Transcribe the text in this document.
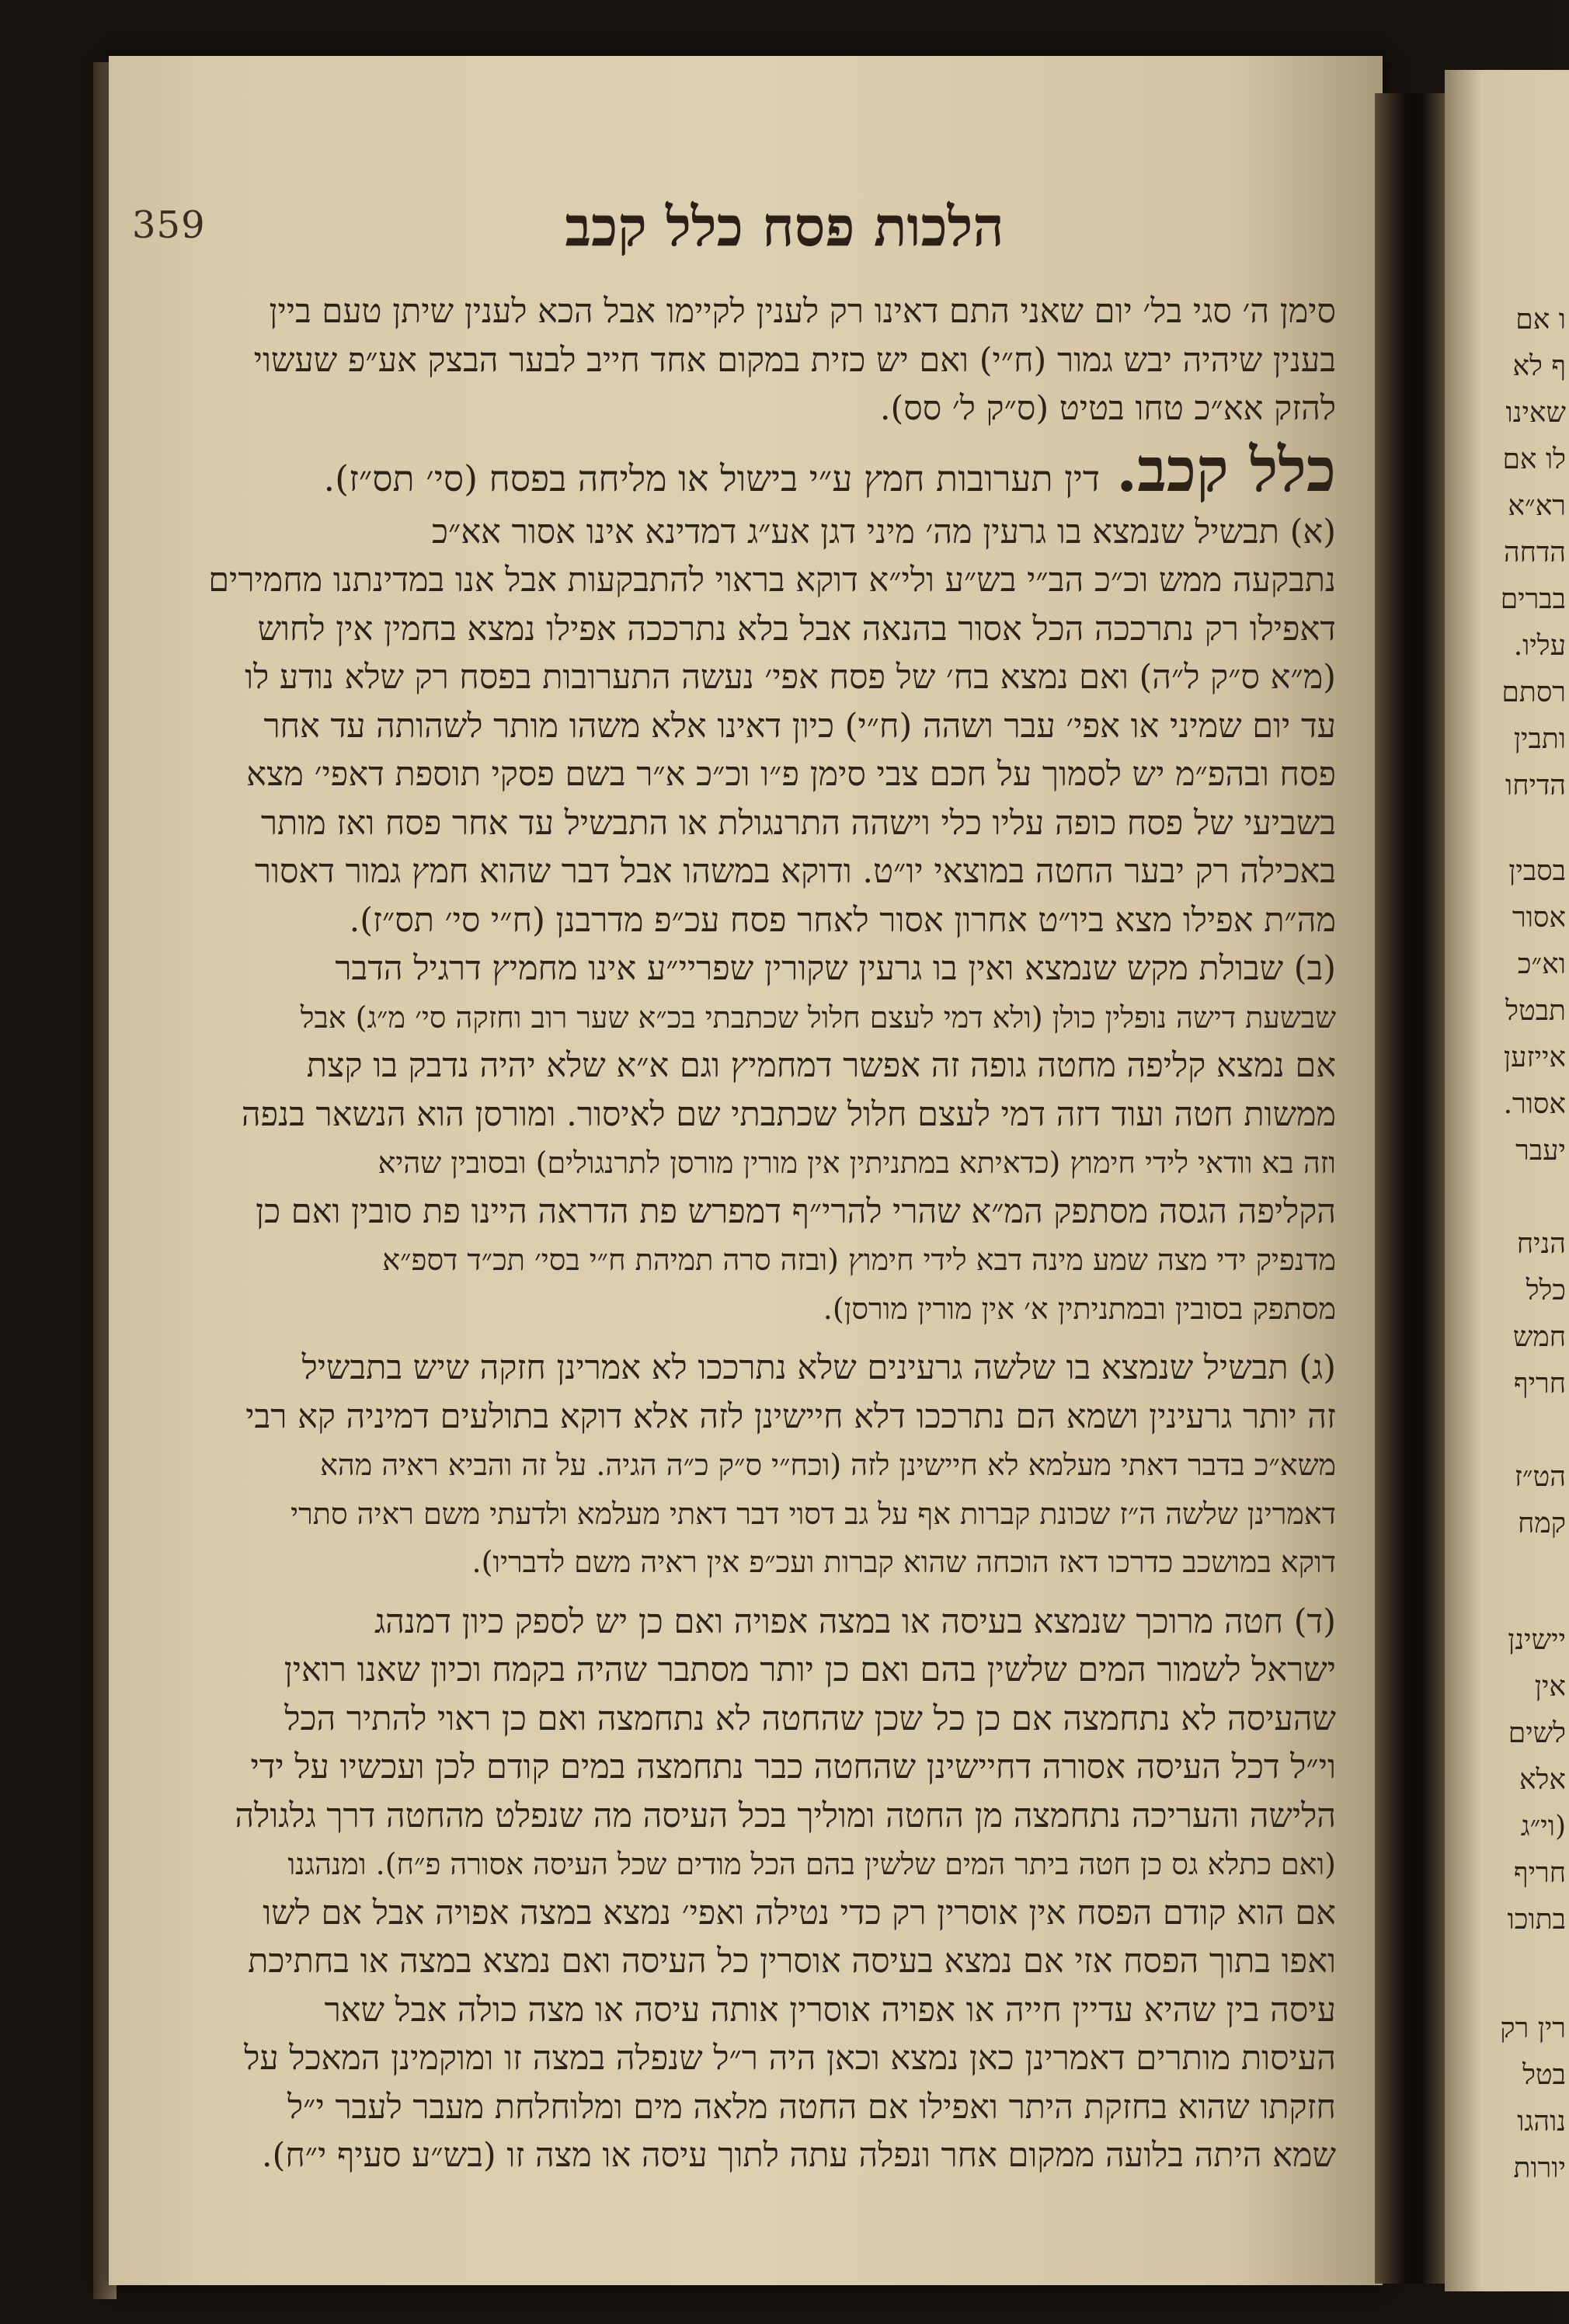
359	הלכות פסח כלל קכב
סימן ה׳ סגי בל׳ יום שאני התם דאינו רק לענין לקיימו אבל הכא לענין שיתן טעם ביין
בענין שיהיה יבש גמור (ח״י) ואם יש כזית במקום אחד חייב לבער הבצק אע״פ שעשוי
להזק אא״כ טחו בטיט (ס״ק ל׳ סס).
כלל קכב. דין תערובות חמץ ע״י בישול או מליחה בפסח (סי׳ תס״ז).
(א) תבשיל שנמצא בו גרעין מה׳ מיני דגן אע״ג דמדינא אינו אסור אא״כ
נתבקעה ממש וכ״כ הב״י בש״ע ולי״א דוקא בראוי להתבקעות אבל אנו במדינתנו מחמירים
דאפילו רק נתרככה הכל אסור בהנאה אבל בלא נתרככה אפילו נמצא בחמין אין לחוש
(מ״א ס״ק ל״ה) ואם נמצא בח׳ של פסח אפי׳ נעשה התערובות בפסח רק שלא נודע לו
עד יום שמיני או אפי׳ עבר ושהה (ח״י) כיון דאינו אלא משהו מותר לשהותה עד אחר
פסח ובהפ״מ יש לסמוך על חכם צבי סימן פ״ו וכ״כ א״ר בשם פסקי תוספת דאפי׳ מצא
בשביעי של פסח כופה עליו כלי וישהה התרנגולת או התבשיל עד אחר פסח ואז מותר
באכילה רק יבער החטה במוצאי יו״ט. ודוקא במשהו אבל דבר שהוא חמץ גמור דאסור
מה״ת אפילו מצא ביו״ט אחרון אסור לאחר פסח עכ״פ מדרבנן (ח״י סי׳ תס״ז).
(ב) שבולת מקש שנמצא ואין בו גרעין שקורין שפריי״ע אינו מחמיץ דרגיל הדבר
שבשעת דישה נופלין כולן (ולא דמי לעצם חלול שכתבתי בכ״א שער רוב וחזקה סי׳ מ״ג) אבל
אם נמצא קליפה מחטה גופה זה אפשר דמחמיץ וגם א״א שלא יהיה נדבק בו קצת
ממשות חטה ועוד דזה דמי לעצם חלול שכתבתי שם לאיסור. ומורסן הוא הנשאר בנפה
וזה בא וודאי לידי חימוץ (כדאיתא במתניתין אין מורין מורסן לתרנגולים) ובסובין שהיא
הקליפה הגסה מסתפק המ״א שהרי להרי״ף דמפרש פת הדראה היינו פת סובין ואם כן
מדנפיק ידי מצה שמע מינה דבא לידי חימוץ (ובזה סרה תמיהת ח״י בסי׳ תכ״ד דספ״א
מסתפק בסובין ובמתניתין א׳ אין מורין מורסן).
(ג) תבשיל שנמצא בו שלשה גרעינים שלא נתרככו לא אמרינן חזקה שיש בתבשיל
זה יותר גרעינין ושמא הם נתרככו דלא חיישינן לזה אלא דוקא בתולעים דמיניה קא רבי
משא״כ בדבר דאתי מעלמא לא חיישינן לזה (וכח״י ס״ק כ״ה הגיה. על זה והביא ראיה מהא
דאמרינן שלשה ה״ז שכונת קברות אף על גב דסוי דבר דאתי מעלמא ולדעתי משם ראיה סתרי
דוקא במושכב כדרכו דאז הוכחה שהוא קברות ועכ״פ אין ראיה משם לדבריו).
(ד) חטה מרוכך שנמצא בעיסה או במצה אפויה ואם כן יש לספק כיון דמנהג
ישראל לשמור המים שלשין בהם ואם כן יותר מסתבר שהיה בקמח וכיון שאנו רואין
שהעיסה לא נתחמצה אם כן כל שכן שהחטה לא נתחמצה ואם כן ראוי להתיר הכל
וי״ל דכל העיסה אסורה דחיישינן שהחטה כבר נתחמצה במים קודם לכן ועכשיו על ידי
הלישה והעריכה נתחמצה מן החטה ומוליך בכל העיסה מה שנפלט מהחטה דרך גלגולה
(ואם כתלא גס כן חטה ביתר המים שלשין בהם הכל מודים שכל העיסה אסורה פ״ח). ומנהגנו
אם הוא קודם הפסח אין אוסרין רק כדי נטילה ואפי׳ נמצא במצה אפויה אבל אם לשו
ואפו בתוך הפסח אזי אם נמצא בעיסה אוסרין כל העיסה ואם נמצא במצה או בחתיכת
עיסה בין שהיא עדיין חייה או אפויה אוסרין אותה עיסה או מצה כולה אבל שאר
העיסות מותרים דאמרינן כאן נמצא וכאן היה ר״ל שנפלה במצה זו ומוקמינן המאכל על
חזקתו שהוא בחזקת היתר ואפילו אם החטה מלאה מים ומלוחלחת מעבר לעבר י״ל
שמא היתה בלועה ממקום אחר ונפלה עתה לתוך עיסה או מצה זו (בש״ע סעיף י״ח).
ו אם
ף לא
שאינו
לו אם
רא״א
הדחה
בברים
עליו.
רסתם
ותבין
הדיחו
בסבין
אסור
וא״כ
תבטל
אייזען
אסור.
יעבר
הניח
כלל
חמש
חריף
הט״ז
קמח
יישינן
אין
לשים
אלא
(וי״ג
חריף
בתוכו
רין רק
בטל
נוהגו
יורות
